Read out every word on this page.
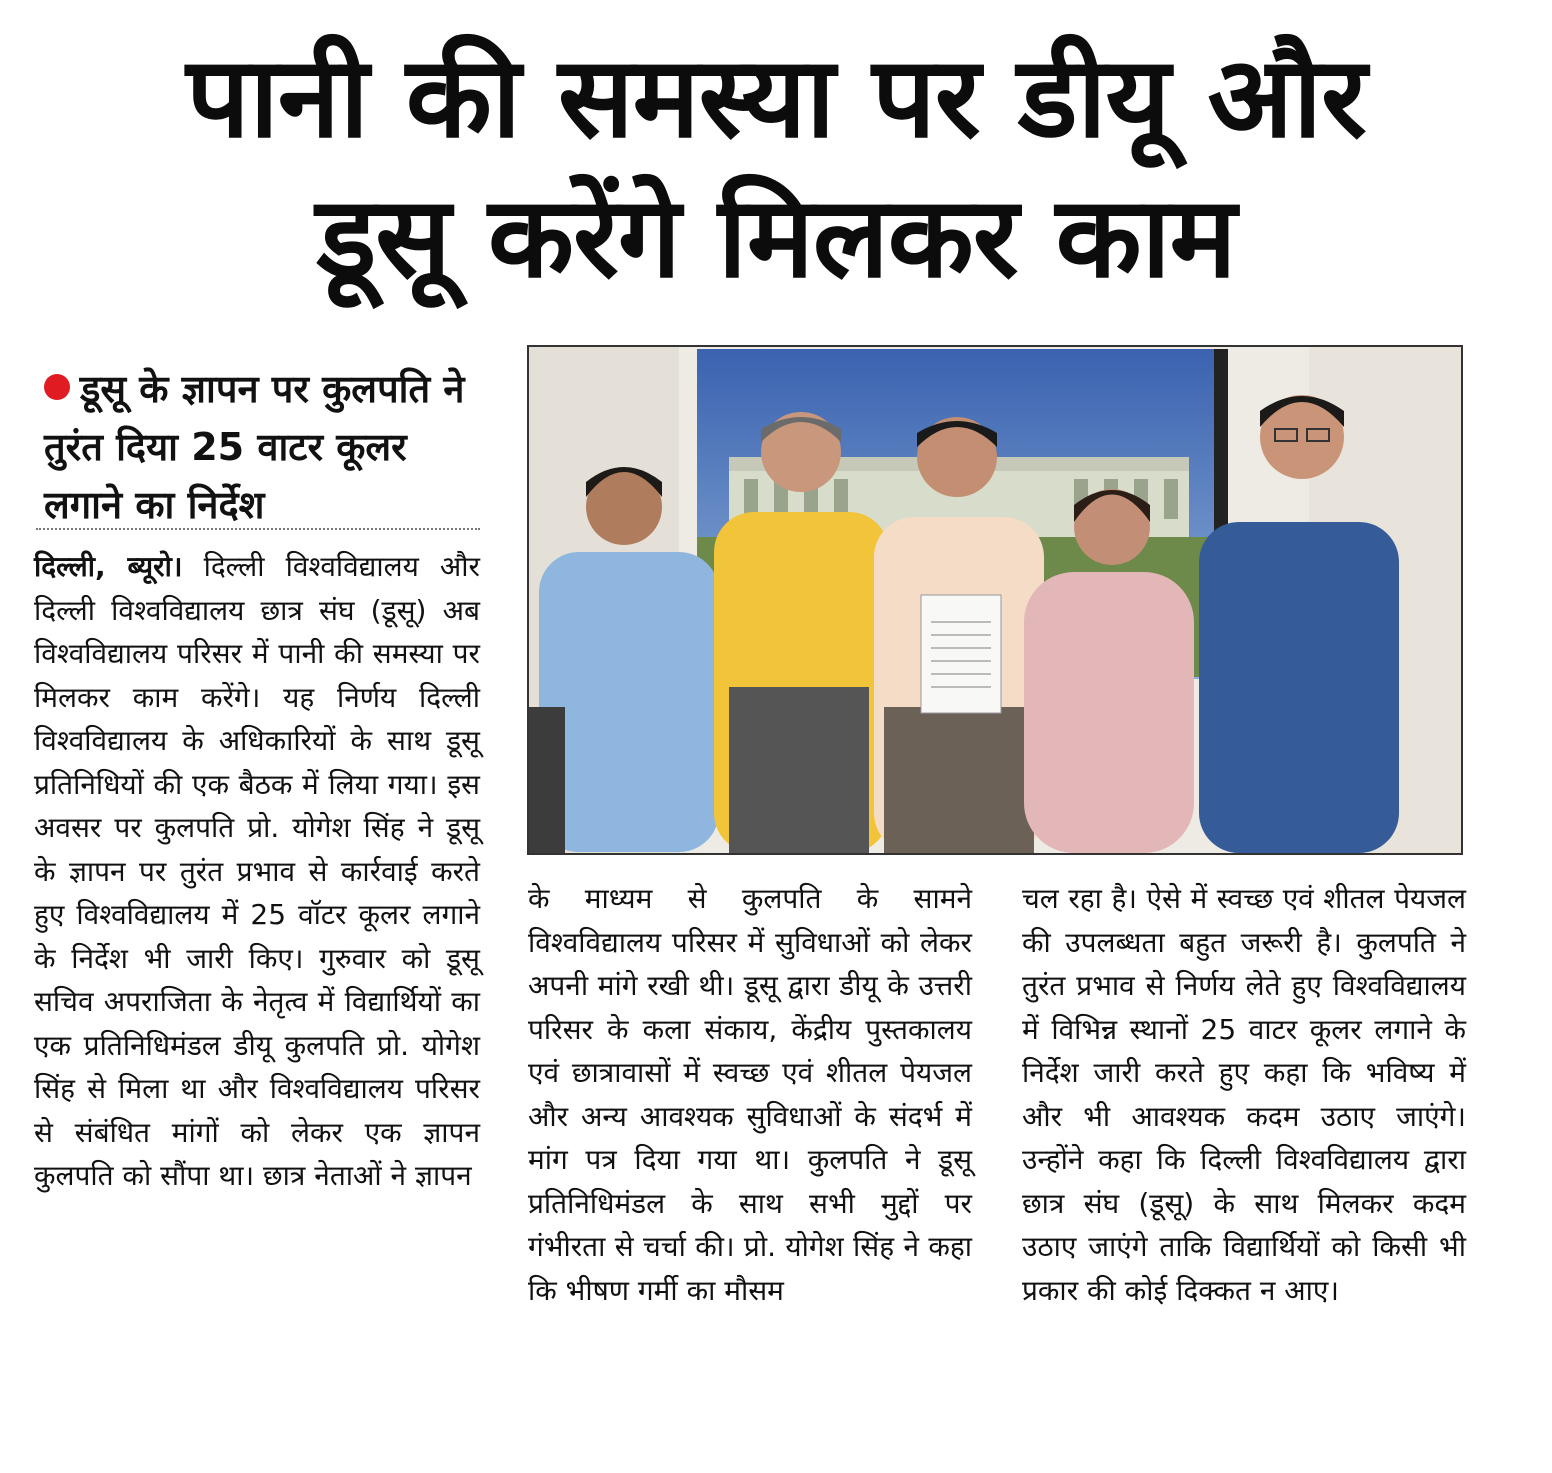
पानी की समस्या पर डीयू और
डूसू करेंगे मिलकर काम
डूसू के ज्ञापन पर कुलपति ने तुरंत दिया 25 वाटर कूलर लगाने का निर्देश
दिल्ली, ब्यूरो। दिल्ली विश्वविद्यालय और दिल्ली विश्वविद्यालय छात्र संघ (डूसू) अब विश्वविद्यालय परिसर में पानी की समस्या पर मिलकर काम करेंगे। यह निर्णय दिल्ली विश्वविद्यालय के अधिकारियों के साथ डूसू प्रतिनिधियों की एक बैठक में लिया गया। इस अवसर पर कुलपति प्रो. योगेश सिंह ने डूसू के ज्ञापन पर तुरंत प्रभाव से कार्रवाई करते हुए विश्वविद्यालय में 25 वॉटर कूलर लगाने के निर्देश भी जारी किए। गुरुवार को डूसू सचिव अपराजिता के नेतृत्व में विद्यार्थियों का एक प्रतिनिधिमंडल डीयू कुलपति प्रो. योगेश सिंह से मिला था और विश्वविद्यालय परिसर से संबंधित मांगों को लेकर एक ज्ञापन कुलपति को सौंपा था। छात्र नेताओं ने ज्ञापन
के माध्यम से कुलपति के सामने विश्वविद्यालय परिसर में सुविधाओं को लेकर अपनी मांगे रखी थी। डूसू द्वारा डीयू के उत्तरी परिसर के कला संकाय, केंद्रीय पुस्तकालय एवं छात्रावासों में स्वच्छ एवं शीतल पेयजल और अन्य आवश्यक सुविधाओं के संदर्भ में मांग पत्र दिया गया था। कुलपति ने डूसू प्रतिनिधिमंडल के साथ सभी मुद्दों पर गंभीरता से चर्चा की। प्रो. योगेश सिंह ने कहा कि भीषण गर्मी का मौसम
चल रहा है। ऐसे में स्वच्छ एवं शीतल पेयजल की उपलब्धता बहुत जरूरी है। कुलपति ने तुरंत प्रभाव से निर्णय लेते हुए विश्वविद्यालय में विभिन्न स्थानों 25 वाटर कूलर लगाने के निर्देश जारी करते हुए कहा कि भविष्य में और भी आवश्यक कदम उठाए जाएंगे। उन्होंने कहा कि दिल्ली विश्वविद्यालय द्वारा छात्र संघ (डूसू) के साथ मिलकर कदम उठाए जाएंगे ताकि विद्यार्थियों को किसी भी प्रकार की कोई दिक्कत न आए।
